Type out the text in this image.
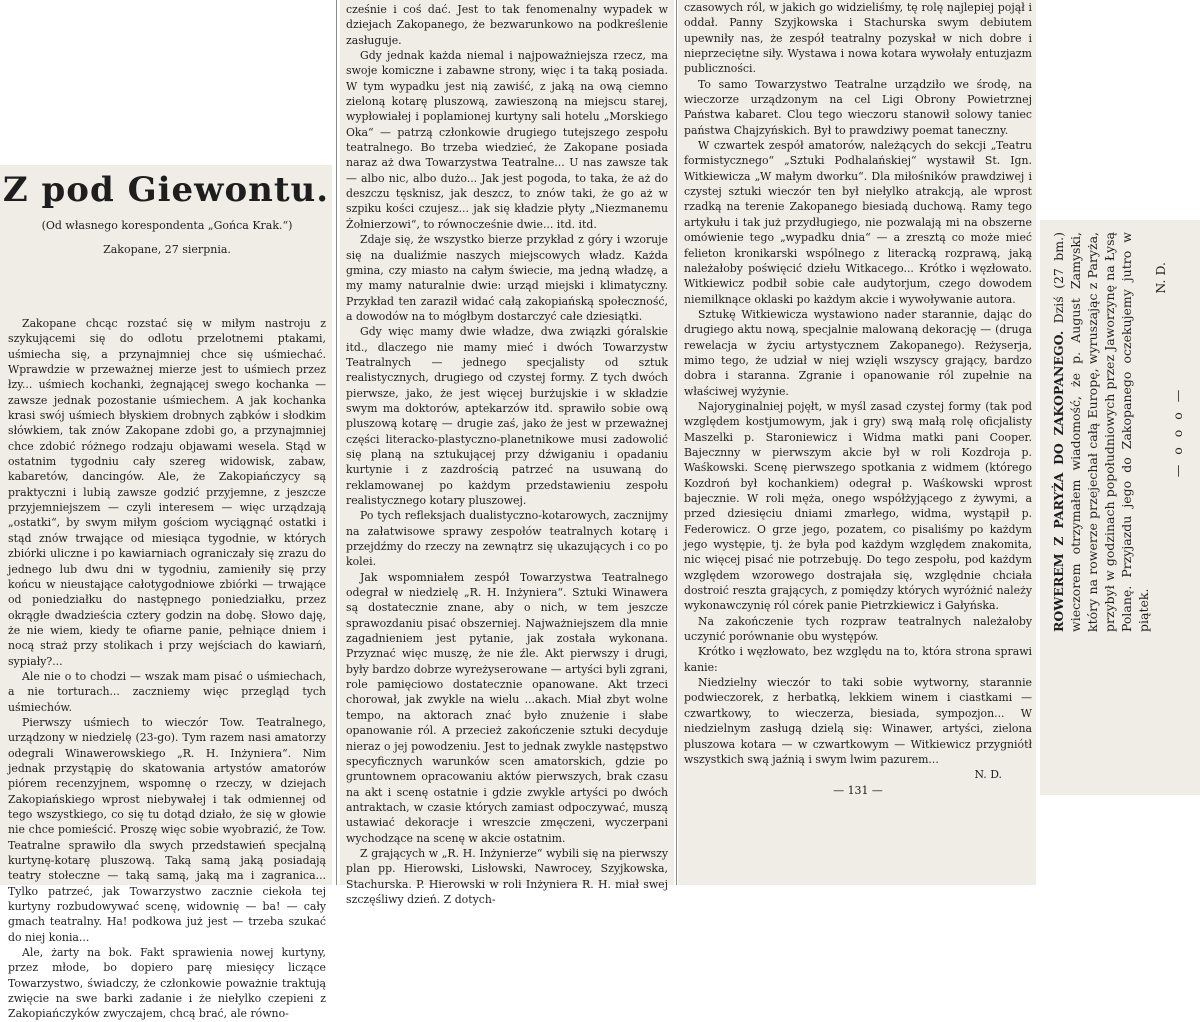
Z pod Giewontu.
(Od własnego korespondenta „Gońca Krak.“)
Zakopane, 27 sierpnia.

Zakopane chcąc rozstać się w miłym nastroju z szykującemi się do odlotu przelotnemi ptakami, uśmiecha się, a przynajmniej chce się uśmiechać. Wprawdzie w przeważnej mierze jest to uśmiech przez łzy... uśmiech kochanki, żegnającej swego kochanka — zawsze jednak pozostanie uśmiechem. A jak kochanka krasi swój uśmiech błyskiem drobnych ząbków i słodkim słówkiem, tak znów Zakopane zdobi go, a przynajmniej chce zdobić różnego rodzaju objawami wesela. Stąd w ostatnim tygodniu cały szereg widowisk, zabaw, kabaretów, dancingów. Ale, że Zakopiańczycy są praktyczni i lubią zawsze godzić przyjemne, z jeszcze przyjemniejszem — czyli interesem — więc urządzają „ostatki“, by swym miłym gościom wycią̨gnąć ostatki i stąd znów trwające od miesiąca tygodnie, w których zbiórki uliczne i po kawiarniach ograniczały się zrazu do jednego lub dwu dni w tygodniu, zamieniły się przy końcu w nieustające całotygodniowe zbiórki — trwające od poniedziałku do następnego poniedziałku, przez okrągłe dwadzieścia cztery godzin na dobę. Słowo daję, że nie wiem, kiedy te ofiarne panie, pełniące dniem i nocą straż przy stolikach i przy wejściach do kawiarń, sypiały?...

Ale nie o to chodzi — wszak mam pisać o uśmiechach, a nie torturach... zaczniemy więc przegląd tych uśmiechów.

Pierwszy uśmiech to wieczór Tow. Teatralnego, urządzony w niedzielę (23-go). Tym razem nasi amatorzy odegrali Winawerowskiego „R. H. Inżyniera“. Nim jednak przystąpię do skatowania artystów amatorów piórem recenzyjnem, wspomnę o rzeczy, w dziejach Zakopiańskiego wprost niebywałej i tak odmiennej od tego wszystkiego, co się tu dotąd działo, że się w głowie nie chce pomieścić. Proszę więc sobie wyobrazić, że Tow. Teatralne sprawiło dla swych przedstawień specjalną kurtynę-kotarę pluszową. Taką samą jaką posiadają teatry stołeczne — taką samą, jaką ma i zagranica... Tylko patrzeć, jak Towarzystwo zacznie ciekoła tej kurtyny rozbudowywać scenę, widownię — ba! — cały gmach teatralny. Ha! podkowa już jest — trzeba szukać do niej konia...

Ale, żarty na bok. Fakt sprawienia nowej kurtyny, przez młode, bo dopiero parę miesięcy liczące Towarzystwo, świadczy, że członkowie poważnie traktują zwięcie na swe barki zadanie i że niełylko czepieni z Zakopiańczyków zwyczajem, chcą brać, ale równo-

cześnie i coś dać. Jest to tak fenomenalny wypadek w dziejach Zakopanego, że bezwarunkowo na podkreślenie zasługuje.

Gdy jednak każda niemal i najpoważniejsza rzecz, ma swoje komiczne i zabawne strony, więc i ta taką posiada. W tym wypadku jest nią zawiść, z jaką na ową ciemno zieloną kotarę pluszową, zawieszoną na miejscu starej, wypłowiałej i poplamionej kurtyny sali hotelu „Morskiego Oka“ — patrzą członkowie drugiego tutejszego zespołu teatralnego. Bo trzeba wiedzieć, że Zakopane posiada naraz aż dwa Towarzystwa Teatralne... U nas zawsze tak — albo nic, albo dużo... Jak jest pogoda, to taka, że aż do deszczu tęsknisz, jak deszcz, to znów taki, że go aż w szpiku kości czujesz... jak się kładzie płyty „Niezmanemu Żołnierzowi“, to równocześnie dwie... itd. itd.

Zdaje się, że wszystko bierze przykład z góry i wzoruje się na dualiźmie naszych miejscowych władz. Każda gmina, czy miasto na całym świecie, ma jedną władzę, a my mamy naturalnie dwie: urząd miejski i klimatyczny. Przykład ten zaraził widać całą zakopiańską społeczność, a dowodów na to mógłbym dostarczyć całe dziesiątki.

Gdy więc mamy dwie władze, dwa związki góralskie itd., dlaczego nie mamy mieć i dwóch Towarzystw Teatralnych — jednego specjalisty od sztuk realistycznych, drugiego od czystej formy. Z tych dwóch pierwsze, jako, że jest więcej burżujskie i w składzie swym ma doktorów, aptekarzów itd. sprawiło sobie ową pluszową kotarę — drugie zaś, jako że jest w przeważnej części literacko-plastyczno-planetnikowe musi zadowolić się planą na sztukującej przy dźwiganiu i opadaniu kurtynie i z zazdrością patrzeć na usuwaną do reklamowanej po każdym przedstawieniu zespołu realistycznego kotary pluszowej.

Po tych refleksjach dualistyczno-kotarowych, zacznijmy na załatwisowe sprawy zespołów teatralnych kotarę i przejdźmy do rzeczy na zewnątrz się ukazujących i co po kolei.

Jak wspomniałem zespół Towarzystwa Teatralnego odegrał w niedzielę „R. H. Inżyniera“. Sztuki Winawera są dostatecznie znane, aby o nich, w tem jeszcze sprawozdaniu pisać obszerniej. Najważniejszem dla mnie zagadnieniem jest pytanie, jak została wykonana. Przyznać więc muszę, że nie źle. Akt pierwszy i drugi, były bardzo dobrze wyreżyserowane — artyści byli zgrani, role pamięciowo dostatecznie opanowane. Akt trzeci chorował, jak zwykle na wielu ...akach. Miał zbyt wolne tempo, na aktorach znać było znużenie i słabe opanowanie ról. A przecież zakończenie sztuki decyduje nieraz o jej powodzeniu. Jest to jednak zwykle następstwo specyficznych warunków scen amatorskich, gdzie po gruntownem opracowaniu aktów pierwszych, brak czasu na akt i scenę ostatnie i gdzie zwykle artyści po dwóch antraktach, w czasie których zamiast odpoczywać, muszą ustawiać dekoracje i wreszcie zmęczeni, wyczerpani wychodzące na scenę w akcie ostatnim.

Z grających w „R. H. Inżynierze“ wybili się na pierwszy plan pp. Hierowski, Lisłowski, Nawrocey, Szyjkowska, Stachurska. P. Hierowski w roli Inżyniera R. H. miał swej szczęśliwy dzień. Z dotych-

czasowych ról, w jakich go widzieliśmy, tę rolę najlepiej pojął i oddał. Panny Szyjkowska i Stachurska swym debiutem upewniły nas, że zespół teatralny pozyskał w nich dobre i nieprzeciętne siły. Wystawa i nowa kotara wywołały entuzjazm publiczności.

To samo Towarzystwo Teatralne urządziło we środę, na wieczorze urządzonym na cel Ligi Obrony Powietrznej Państwa kabaret. Clou tego wieczoru stanowił solowy taniec państwa Chajzyńskich. Był to prawdziwy poemat taneczny.

W czwartek zespół amatorów, należących do sekcji „Teatru formistycznego“ „Sztuki Podhalańskiej“ wystawił St. Ign. Witkiewicza „W małym dworku“. Dla miłośników prawdziwej i czystej sztuki wieczór ten był niełylko atrakcją, ale wprost rzadką na terenie Zakopanego biesiadą duchową. Ramy tego artykułu i tak już przydługiego, nie pozwalają mi na obszerne omówienie tego „wypadku dnia“ — a zresztą co może mieć felieton kronikarski wspólnego z literacką rozprawą, jaką należałoby poświęcić dziełu Witkacego... Krótko i węzłowato. Witkiewicz podbił sobie całe audytorjum, czego dowodem niemilknące oklaski po każdym akcie i wywoływanie autora.

Sztukę Witkiewicza wystawiono nader starannie, dając do drugiego aktu nową, specjalnie malowaną dekorację — (druga rewelacja w życiu artystycznem Zakopanego). Reżyserja, mimo tego, że udział w niej wzięli wszyscy grający, bardzo dobra i staranna. Zgranie i opanowanie ról zupełnie na właściwej wyżynie.

Najoryginalniej pojęłt, w myśl zasad czystej formy (tak pod względem kostjumowym, jak i gry) swą małą rolę oficjalisty Maszelki p. Staroniewicz i Widma matki pani Cooper. Bajecznny w pierwszym akcie był w roli Kozdroja p. Waśkowski. Scenę pierwszego spotkania z widmem (którego Kozdroń był kochankiem) odegrał p. Waśkowski wprost bajecznie. W roli męża, onego współżyjącego z żywymi, a przed dziesięciu dniami zmarłego, widma, wystąpił p. Federowicz. O grze jego, pozatem, co pisaliśmy po każdym jego występie, tj. że była pod każdym względem znakomita, nic więcej pisać nie potrzebuję. Do tego zespołu, pod każdym względem wzorowego dostrajała się, względnie chciała dostroić reszta grających, z pomiędzy których wyróżnić należy wykonawczynię ról córek panie Pietrzkiewicz i Gałyńska.

Na zakończenie tych rozpraw teatralnych należałoby uczynić porównanie obu występów.

Krótko i węzłowato, bez względu na to, która strona sprawi kanie:

Niedzielny wieczór to taki sobie wytworny, starannie podwieczorek, z herbatką, lekkiem winem i ciastkami — czwartkowy, to wieczerza, biesiada, sympozjon... W niedzielnym zasługą dzielą się: Winawer, artyści, zielona pluszowa kotara — w czwartkowym — Witkiewicz przygniótł wszystkich swą jaźnią i swym lwim pazurem...

N. D.

— 131 —

ROWEREM Z PARYŻA DO ZAKOPANEGO. Dziś (27 bm.) wieczorem otrzymałem wiadomość, że p. August Zamyski, który na rowerze przejechał całą Europę, wyruszając z Paryża, przybył w godzinach popołudniowych przez Jaworzynę na Łysą Polanę. Przyjazdu jego do Zakopanego oczekujemy jutro w piątek.
N. D.
— o o o —
